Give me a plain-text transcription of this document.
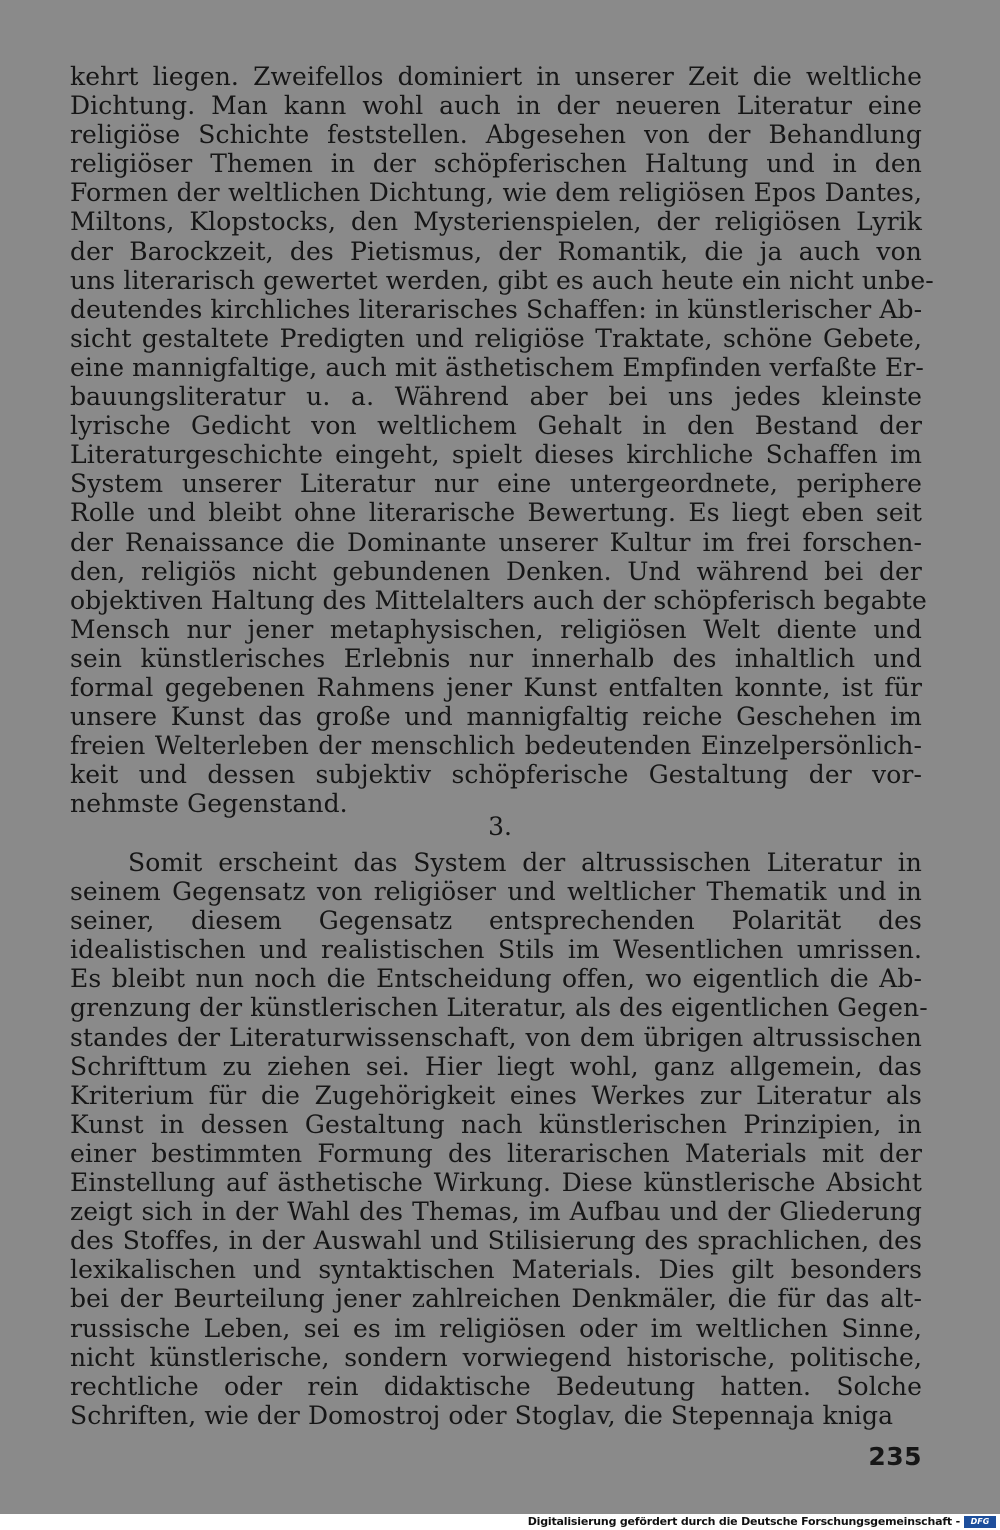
kehrt liegen. Zweifellos dominiert in unserer Zeit die weltliche
Dichtung. Man kann wohl auch in der neueren Literatur eine
religiöse Schichte feststellen. Abgesehen von der Behandlung
religiöser Themen in der schöpferischen Haltung und in den
Formen der weltlichen Dichtung, wie dem religiösen Epos Dantes,
Miltons, Klopstocks, den Mysterienspielen, der religiösen Lyrik
der Barockzeit, des Pietismus, der Romantik, die ja auch von
uns literarisch gewertet werden, gibt es auch heute ein nicht unbe-
deutendes kirchliches literarisches Schaffen: in künstlerischer Ab-
sicht gestaltete Predigten und religiöse Traktate, schöne Gebete,
eine mannigfaltige, auch mit ästhetischem Empfinden verfaßte Er-
bauungsliteratur u. a. Während aber bei uns jedes kleinste
lyrische Gedicht von weltlichem Gehalt in den Bestand der
Literaturgeschichte eingeht, spielt dieses kirchliche Schaffen im
System unserer Literatur nur eine untergeordnete, periphere
Rolle und bleibt ohne literarische Bewertung. Es liegt eben seit
der Renaissance die Dominante unserer Kultur im frei forschen-
den, religiös nicht gebundenen Denken. Und während bei der
objektiven Haltung des Mittelalters auch der schöpferisch begabte
Mensch nur jener metaphysischen, religiösen Welt diente und
sein künstlerisches Erlebnis nur innerhalb des inhaltlich und
formal gegebenen Rahmens jener Kunst entfalten konnte, ist für
unsere Kunst das große und mannigfaltig reiche Geschehen im
freien Welterleben der menschlich bedeutenden Einzelpersönlich-
keit und dessen subjektiv schöpferische Gestaltung der vor-
nehmste Gegenstand.
3.
Somit erscheint das System der altrussischen Literatur in
seinem Gegensatz von religiöser und weltlicher Thematik und in
seiner, diesem Gegensatz entsprechenden Polarität des
idealistischen und realistischen Stils im Wesentlichen umrissen.
Es bleibt nun noch die Entscheidung offen, wo eigentlich die Ab-
grenzung der künstlerischen Literatur, als des eigentlichen Gegen-
standes der Literaturwissenschaft, von dem übrigen altrussischen
Schrifttum zu ziehen sei. Hier liegt wohl, ganz allgemein, das
Kriterium für die Zugehörigkeit eines Werkes zur Literatur als
Kunst in dessen Gestaltung nach künstlerischen Prinzipien, in
einer bestimmten Formung des literarischen Materials mit der
Einstellung auf ästhetische Wirkung. Diese künstlerische Absicht
zeigt sich in der Wahl des Themas, im Aufbau und der Gliederung
des Stoffes, in der Auswahl und Stilisierung des sprachlichen, des
lexikalischen und syntaktischen Materials. Dies gilt besonders
bei der Beurteilung jener zahlreichen Denkmäler, die für das alt-
russische Leben, sei es im religiösen oder im weltlichen Sinne,
nicht künstlerische, sondern vorwiegend historische, politische,
rechtliche oder rein didaktische Bedeutung hatten. Solche
Schriften, wie der Domostroj oder Stoglav, die Stepennaja kniga
235
Digitalisierung gefördert durch die Deutsche Forschungsgemeinschaft -	DFG
